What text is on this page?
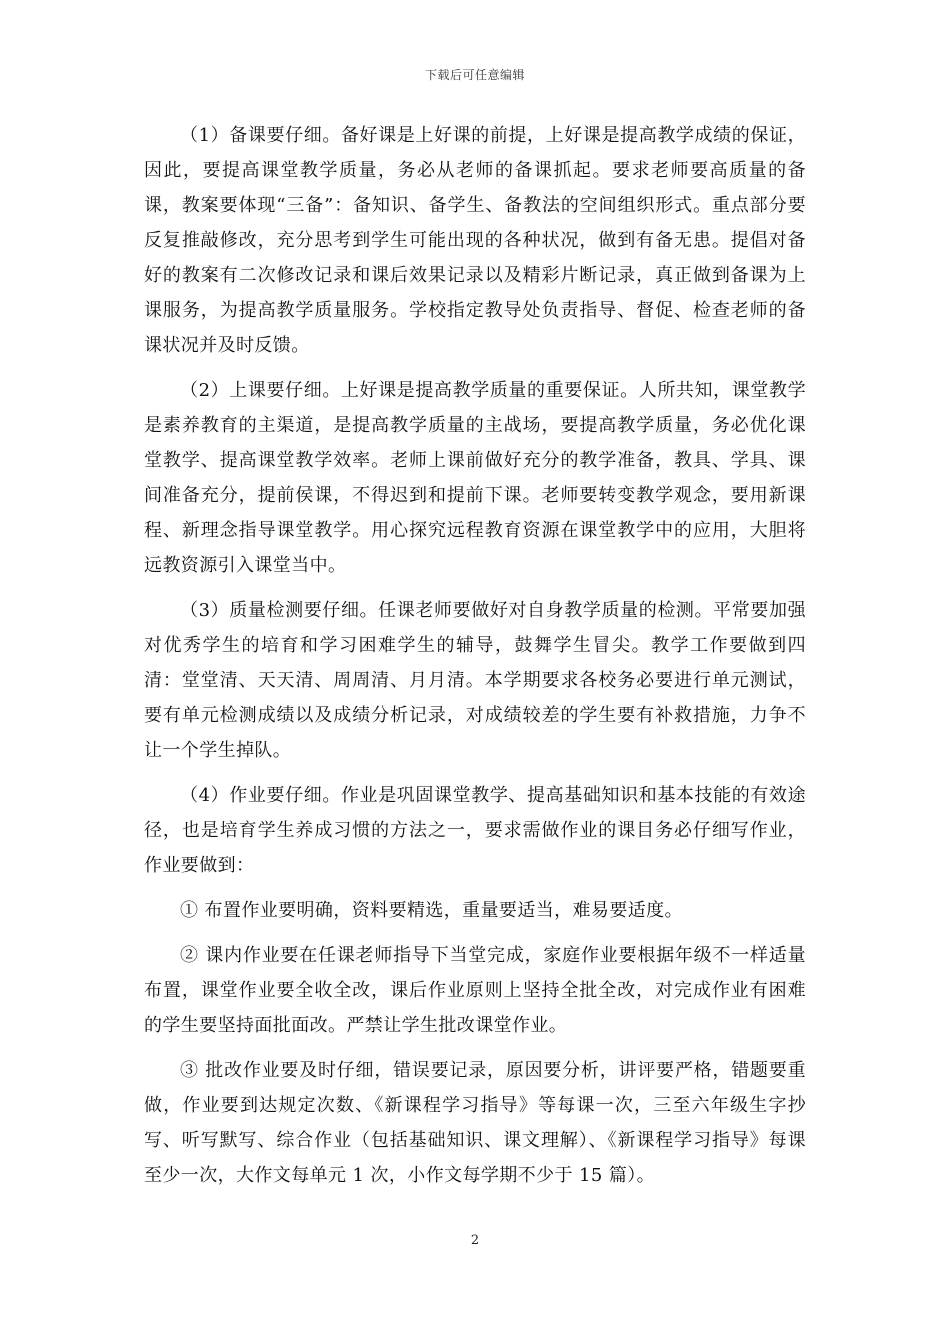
下载后可任意编辑

（1）备课要仔细。备好课是上好课的前提，上好课是提高教学成绩的保证，因此，要提高课堂教学质量，务必从老师的备课抓起。要求老师要高质量的备课，教案要体现“三备”：备知识、备学生、备教法的空间组织形式。重点部分要反复推敲修改，充分思考到学生可能出现的各种状况，做到有备无患。提倡对备好的教案有二次修改记录和课后效果记录以及精彩片断记录，真正做到备课为上课服务，为提高教学质量服务。学校指定教导处负责指导、督促、检查老师的备课状况并及时反馈。

（2）上课要仔细。上好课是提高教学质量的重要保证。人所共知，课堂教学是素养教育的主渠道，是提高教学质量的主战场，要提高教学质量，务必优化课堂教学、提高课堂教学效率。老师上课前做好充分的教学准备，教具、学具、课间准备充分，提前侯课，不得迟到和提前下课。老师要转变教学观念，要用新课程、新理念指导课堂教学。用心探究远程教育资源在课堂教学中的应用，大胆将远教资源引入课堂当中。

（3）质量检测要仔细。任课老师要做好对自身教学质量的检测。平常要加强对优秀学生的培育和学习困难学生的辅导，鼓舞学生冒尖。教学工作要做到四清：堂堂清、天天清、周周清、月月清。本学期要求各校务必要进行单元测试，要有单元检测成绩以及成绩分析记录，对成绩较差的学生要有补救措施，力争不让一个学生掉队。

（4）作业要仔细。作业是巩固课堂教学、提高基础知识和基本技能的有效途径，也是培育学生养成习惯的方法之一，要求需做作业的课目务必仔细写作业，作业要做到：

① 布置作业要明确，资料要精选，重量要适当，难易要适度。

② 课内作业要在任课老师指导下当堂完成，家庭作业要根据年级不一样适量布置，课堂作业要全收全改，课后作业原则上坚持全批全改，对完成作业有困难的学生要坚持面批面改。严禁让学生批改课堂作业。

③ 批改作业要及时仔细，错误要记录，原因要分析，讲评要严格，错题要重做，作业要到达规定次数、《新课程学习指导》等每课一次，三至六年级生字抄写、听写默写、综合作业（包括基础知识、课文理解）、《新课程学习指导》每课至少一次，大作文每单元 1 次，小作文每学期不少于 15 篇）。

2
